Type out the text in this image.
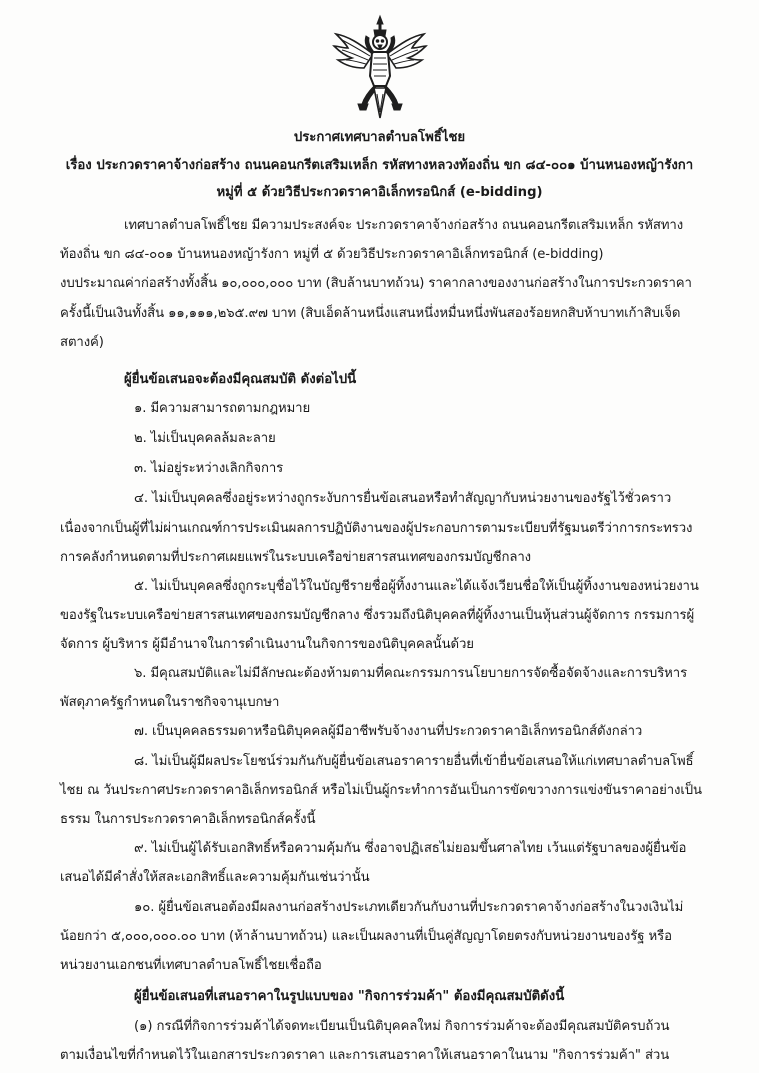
ประกาศเทศบาลตำบลโพธิ์ไชย
เรื่อง ประกวดราคาจ้างก่อสร้าง ถนนคอนกรีตเสริมเหล็ก รหัสทางหลวงท้องถิ่น ขก ๘๔-๐๐๑ บ้านหนองหญ้ารังกา
หมู่ที่ ๕ ด้วยวิธีประกวดราคาอิเล็กทรอนิกส์ (e-bidding)
เทศบาลตำบลโพธิ์ไชย มีความประสงค์จะ ประกวดราคาจ้างก่อสร้าง ถนนคอนกรีตเสริมเหล็ก รหัสทาง
ท้องถิ่น ขก ๘๔-๐๐๑ บ้านหนองหญ้ารังกา หมู่ที่ ๕ ด้วยวิธีประกวดราคาอิเล็กทรอนิกส์ (e-bidding)
งบประมาณค่าก่อสร้างทั้งสิ้น ๑๐,๐๐๐,๐๐๐ บาท (สิบล้านบาทถ้วน) ราคากลางของงานก่อสร้างในการประกวดราคา
ครั้งนี้เป็นเงินทั้งสิ้น ๑๑,๑๑๑,๒๖๕.๙๗ บาท (สิบเอ็ดล้านหนึ่งแสนหนึ่งหมื่นหนึ่งพันสองร้อยหกสิบห้าบาทเก้าสิบเจ็ด
สตางค์)
ผู้ยื่นข้อเสนอจะต้องมีคุณสมบัติ ดังต่อไปนี้
๑. มีความสามารถตามกฎหมาย
๒. ไม่เป็นบุคคลล้มละลาย
๓. ไม่อยู่ระหว่างเลิกกิจการ
๔. ไม่เป็นบุคคลซึ่งอยู่ระหว่างถูกระงับการยื่นข้อเสนอหรือทำสัญญากับหน่วยงานของรัฐไว้ชั่วคราว
เนื่องจากเป็นผู้ที่ไม่ผ่านเกณฑ์การประเมินผลการปฏิบัติงานของผู้ประกอบการตามระเบียบที่รัฐมนตรีว่าการกระทรวง
การคลังกำหนดตามที่ประกาศเผยแพร่ในระบบเครือข่ายสารสนเทศของกรมบัญชีกลาง
๕. ไม่เป็นบุคคลซึ่งถูกระบุชื่อไว้ในบัญชีรายชื่อผู้ทิ้งงานและได้แจ้งเวียนชื่อให้เป็นผู้ทิ้งงานของหน่วยงาน
ของรัฐในระบบเครือข่ายสารสนเทศของกรมบัญชีกลาง ซึ่งรวมถึงนิติบุคคลที่ผู้ทิ้งงานเป็นหุ้นส่วนผู้จัดการ กรรมการผู้
จัดการ ผู้บริหาร ผู้มีอำนาจในการดำเนินงานในกิจการของนิติบุคคลนั้นด้วย
๖. มีคุณสมบัติและไม่มีลักษณะต้องห้ามตามที่คณะกรรมการนโยบายการจัดซื้อจัดจ้างและการบริหาร
พัสดุภาครัฐกำหนดในราชกิจจานุเบกษา
๗. เป็นบุคคลธรรมดาหรือนิติบุคคลผู้มีอาชีพรับจ้างงานที่ประกวดราคาอิเล็กทรอนิกส์ดังกล่าว
๘. ไม่เป็นผู้มีผลประโยชน์ร่วมกันกับผู้ยื่นข้อเสนอราคารายอื่นที่เข้ายื่นข้อเสนอให้แก่เทศบาลตำบลโพธิ์
ไชย ณ วันประกาศประกวดราคาอิเล็กทรอนิกส์ หรือไม่เป็นผู้กระทำการอันเป็นการขัดขวางการแข่งขันราคาอย่างเป็น
ธรรม ในการประกวดราคาอิเล็กทรอนิกส์ครั้งนี้
๙. ไม่เป็นผู้ได้รับเอกสิทธิ์หรือความคุ้มกัน ซึ่งอาจปฏิเสธไม่ยอมขึ้นศาลไทย เว้นแต่รัฐบาลของผู้ยื่นข้อ
เสนอได้มีคำสั่งให้สละเอกสิทธิ์และความคุ้มกันเช่นว่านั้น
๑๐. ผู้ยื่นข้อเสนอต้องมีผลงานก่อสร้างประเภทเดียวกันกับงานที่ประกวดราคาจ้างก่อสร้างในวงเงินไม่
น้อยกว่า ๕,๐๐๐,๐๐๐.๐๐ บาท (ห้าล้านบาทถ้วน) และเป็นผลงานที่เป็นคู่สัญญาโดยตรงกับหน่วยงานของรัฐ หรือ
หน่วยงานเอกชนที่เทศบาลตำบลโพธิ์ไชยเชื่อถือ
ผู้ยื่นข้อเสนอที่เสนอราคาในรูปแบบของ "กิจการร่วมค้า" ต้องมีคุณสมบัติดังนี้
(๑) กรณีที่กิจการร่วมค้าได้จดทะเบียนเป็นนิติบุคคลใหม่ กิจการร่วมค้าจะต้องมีคุณสมบัติครบถ้วน
ตามเงื่อนไขที่กำหนดไว้ในเอกสารประกวดราคา และการเสนอราคาให้เสนอราคาในนาม "กิจการร่วมค้า" ส่วน
